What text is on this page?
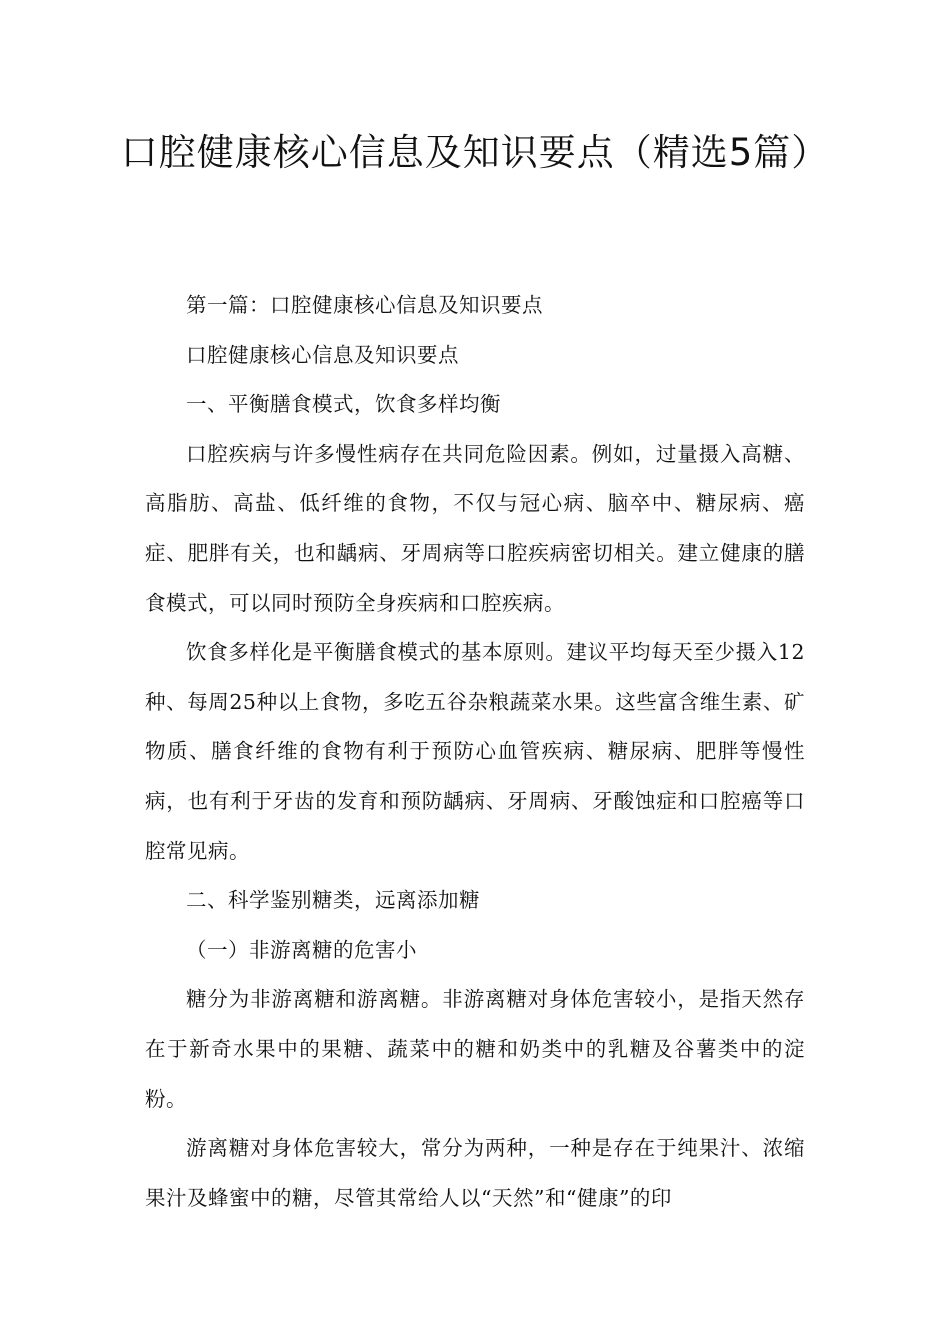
口腔健康核心信息及知识要点（精选5篇）

第一篇：口腔健康核心信息及知识要点

口腔健康核心信息及知识要点

一、平衡膳食模式，饮食多样均衡

口腔疾病与许多慢性病存在共同危险因素。例如，过量摄入高糖、高脂肪、高盐、低纤维的食物，不仅与冠心病、脑卒中、糖尿病、癌症、肥胖有关，也和龋病、牙周病等口腔疾病密切相关。建立健康的膳食模式，可以同时预防全身疾病和口腔疾病。

饮食多样化是平衡膳食模式的基本原则。建议平均每天至少摄入12种、每周25种以上食物，多吃五谷杂粮蔬菜水果。这些富含维生素、矿物质、膳食纤维的食物有利于预防心血管疾病、糖尿病、肥胖等慢性病，也有利于牙齿的发育和预防龋病、牙周病、牙酸蚀症和口腔癌等口腔常见病。

二、科学鉴别糖类，远离添加糖

（一）非游离糖的危害小

糖分为非游离糖和游离糖。非游离糖对身体危害较小，是指天然存在于新奇水果中的果糖、蔬菜中的糖和奶类中的乳糖及谷薯类中的淀粉。

游离糖对身体危害较大，常分为两种，一种是存在于纯果汁、浓缩果汁及蜂蜜中的糖，尽管其常给人以“天然”和“健康”的印
